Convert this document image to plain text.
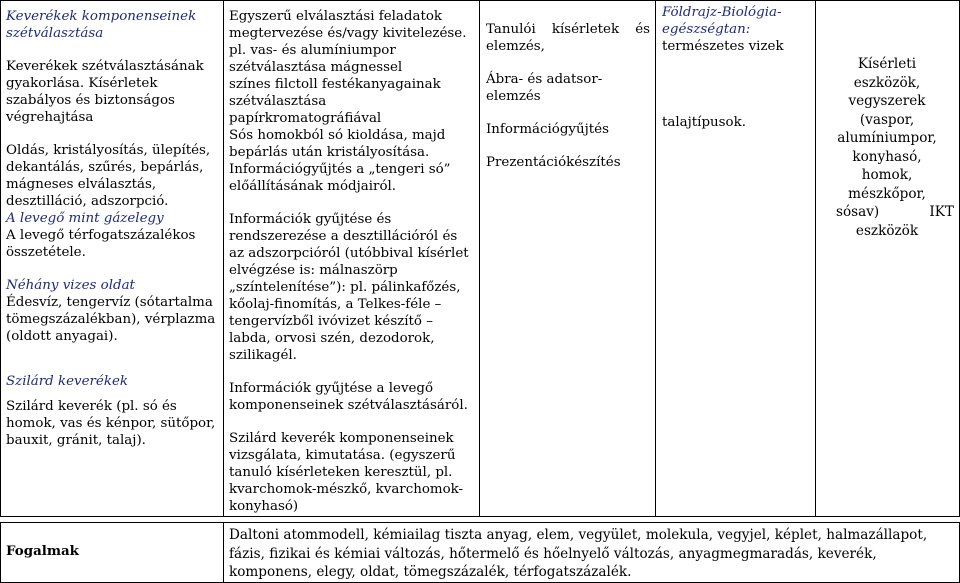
Keverékek komponenseinek szétválasztása

Keverékek szétválasztásának gyakorlása. Kísérletek szabályos és biztonságos végrehajtása

Oldás, kristályosítás, ülepítés, dekantálás, szűrés, bepárlás, mágneses elválasztás, desztilláció, adszorpció.

A levegő mint gázelegy

A levegő térfogatszázalékos összetétele.

Néhány vizes oldat

Édesvíz, tengervíz (sótartalma tömegszázalékban), vérplazma (oldott anyagai).

Szilárd keverékek

Szilárd keverék (pl. só és homok, vas és kénpor, sütőpor, bauxit, gránit, talaj).

Egyszerű elválasztási feladatok megtervezése és/vagy kivitelezése.

pl. vas- és alumíniumpor szétválasztása mágnessel

színes filctoll festékanyagainak szétválasztása papírkromatográfiával

Sós homokból só kioldása, majd bepárlás után kristályosítása.

Információgyűjtés a „tengeri só” előállításának módjairól.

Információk gyűjtése és rendszerezése a desztillációról és az adszorpcióról (utóbbival kísérlet elvégzése is: málnaszörp „színtelenítése”): pl. pálinkafőzés, kőolaj-finomítás, a Telkes-féle – tengervízből ivóvizet készítő – labda, orvosi szén, dezodorok, szilikagél.

Információk gyűjtése a levegő komponenseinek szétválasztásáról.

Szilárd keverék komponenseinek vizsgálata, kimutatása. (egyszerű tanuló kísérleteken keresztül, pl. kvarchomok-mészkő, kvarchomok-konyhasó)

Tanulói kísérletek és

elemzés,

Ábra- és adatsor-elemzés

Információgyűjtés

Prezentációkészítés

Földrajz-Biológia-egészségtan: természetes vizek

talajtípusok.

Kísérleti
eszközök,
vegyszerek
(vaspor,
alumíniumpor,
konyhasó,
homok,
mészkőpor,
sósav)	IKT
eszközök
Fogalmak
Daltoni atommodell, kémiailag tiszta anyag, elem, vegyület, molekula, vegyjel, képlet, halmazállapot, fázis, fizikai és kémiai változás, hőtermelő és hőelnyelő változás, anyagmegmaradás, keverék, komponens, elegy, oldat, tömegszázalék, térfogatszázalék.
